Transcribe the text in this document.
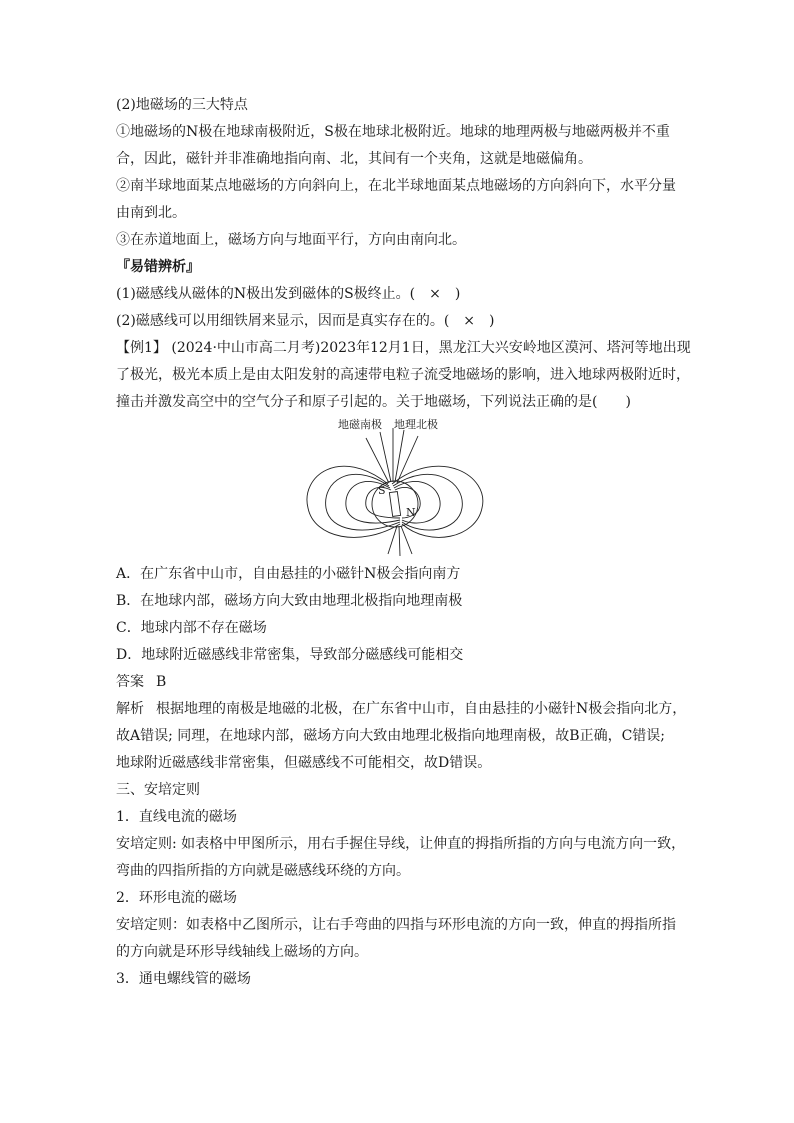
(2)地磁场的三大特点
①地磁场的N极在地球南极附近，S极在地球北极附近。地球的地理两极与地磁两极并不重
合，因此，磁针并非准确地指向南、北，其间有一个夹角，这就是地磁偏角。
②南半球地面某点地磁场的方向斜向上，在北半球地面某点地磁场的方向斜向下，水平分量
由南到北。
③在赤道地面上，磁场方向与地面平行，方向由南向北。
『易错辨析』
(1)磁感线从磁体的N极出发到磁体的S极终止。(　×　)
(2)磁感线可以用细铁屑来显示，因而是真实存在的。(　×　)
【例1】 (2024·中山市高二月考)2023年12月1日，黑龙江大兴安岭地区漠河、塔河等地出现
了极光，极光本质上是由太阳发射的高速带电粒子流受地磁场的影响，进入地球两极附近时，
撞击并激发高空中的空气分子和原子引起的。关于地磁场，下列说法正确的是(　　)
地磁南极 地理北极
S
N
A．在广东省中山市，自由悬挂的小磁针N极会指向南方
B．在地球内部，磁场方向大致由地理北极指向地理南极
C．地球内部不存在磁场
D．地球附近磁感线非常密集，导致部分磁感线可能相交
答案 B
解析 根据地理的南极是地磁的北极，在广东省中山市，自由悬挂的小磁针N极会指向北方，
故A错误; 同理，在地球内部，磁场方向大致由地理北极指向地理南极，故B正确，C错误;
地球附近磁感线非常密集，但磁感线不可能相交，故D错误。
三、安培定则
1．直线电流的磁场
安培定则: 如表格中甲图所示，用右手握住导线，让伸直的拇指所指的方向与电流方向一致，
弯曲的四指所指的方向就是磁感线环绕的方向。
2．环形电流的磁场
安培定则：如表格中乙图所示，让右手弯曲的四指与环形电流的方向一致，伸直的拇指所指
的方向就是环形导线轴线上磁场的方向。
3．通电螺线管的磁场
